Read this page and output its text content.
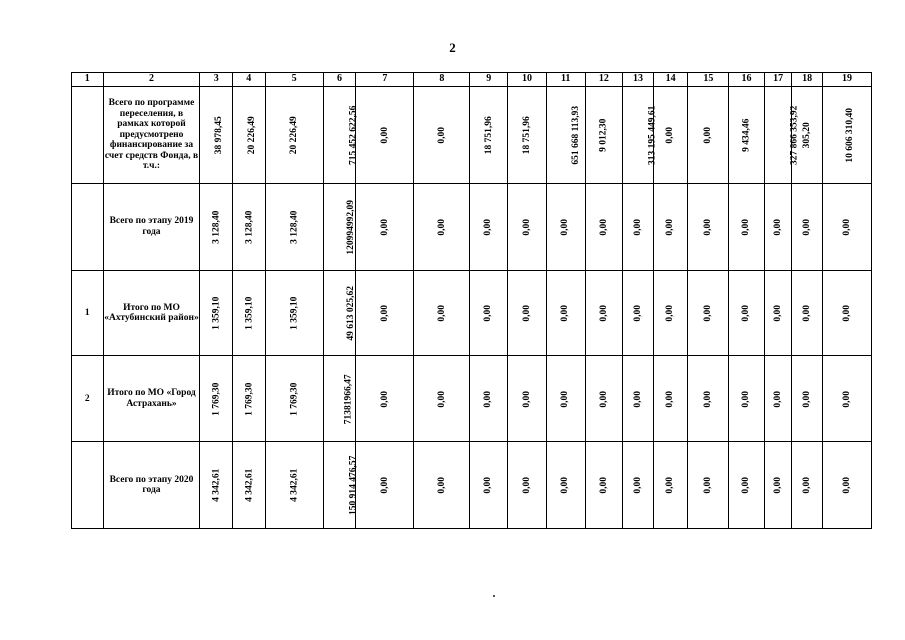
2
1	2	3	4	5	6	7	8	9	10	11	12	13	14	15	16	17	18	19
	Всего по программе переселения, в рамках которой предусмотрено финансирование за счет средств Фонда, в т.ч.:	38 978,45	20 226,49	20 226,49	715 452 622,56	0,00	0,00	18 751,96	18 751,96	651 668 113,93	9 012,30	313 195 449,61	0,00	0,00	9 434,46	327 866 353,92	305,20	10 606 310,40
	Всего по этапу 2019 года	3 128,40	3 128,40	3 128,40	120994992,09	0,00	0,00	0,00	0,00	0,00	0,00	0,00	0,00	0,00	0,00	0,00	0,00	0,00
1	Итого по МО «Ахтубинский район»	1 359,10	1 359,10	1 359,10	49 613 025,62	0,00	0,00	0,00	0,00	0,00	0,00	0,00	0,00	0,00	0,00	0,00	0,00	0,00
2	Итого по МО «Город Астрахань»	1 769,30	1 769,30	1 769,30	71381966,47	0,00	0,00	0,00	0,00	0,00	0,00	0,00	0,00	0,00	0,00	0,00	0,00	0,00
	Всего по этапу 2020 года	4 342,61	4 342,61	4 342,61	150 914 476,57	0,00	0,00	0,00	0,00	0,00	0,00	0,00	0,00	0,00	0,00	0,00	0,00	0,00
